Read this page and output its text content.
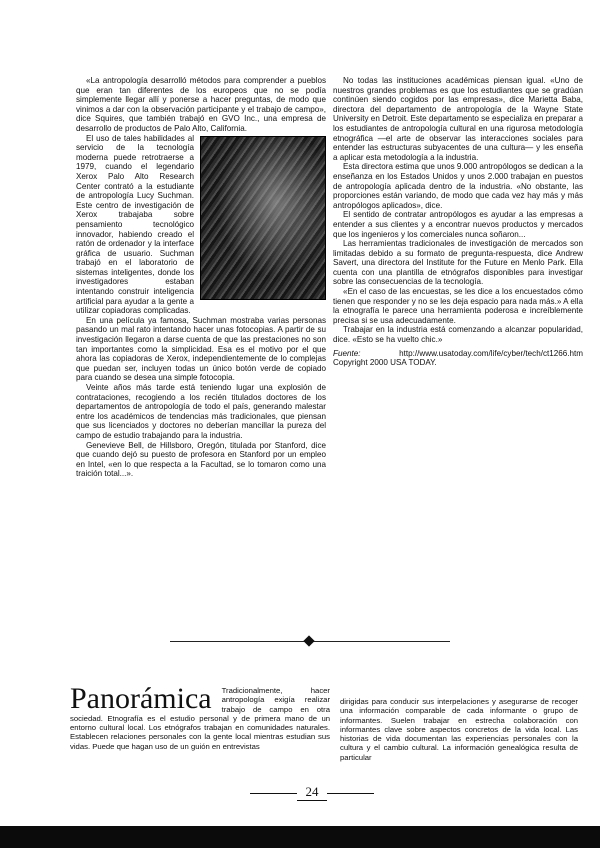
«La antropología desarrolló métodos para comprender a pueblos que eran tan diferentes de los europeos que no se podía simplemente llegar allí y ponerse a hacer preguntas, de modo que vinimos a dar con la observación participante y el trabajo de campo», dice Squires, que también trabajó en GVO Inc., una empresa de desarrollo de productos de Palo Alto, California.

El uso de tales habilidades al servicio de la tecnología moderna puede retrotraerse a 1979, cuando el legendario Xerox Palo Alto Research Center contrató a la estudiante de antropología Lucy Suchman. Este centro de investigación de Xerox trabajaba sobre pensamiento tecnológico innovador, habiendo creado el ratón de ordenador y la interface gráfica de usuario. Suchman trabajó en el laboratorio de sistemas inteligentes, donde los investigadores estaban intentando construir inteligencia artificial para ayudar a la gente a utilizar copiadoras complicadas.

En una película ya famosa, Suchman mostraba varias personas pasando un mal rato intentando hacer unas fotocopias. A partir de su investigación llegaron a darse cuenta de que las prestaciones no son tan importantes como la simplicidad. Esa es el motivo por el que ahora las copiadoras de Xerox, independientemente de lo complejas que puedan ser, incluyen todas un único botón verde de copiado para cuando se desea una simple fotocopia.

Veinte años más tarde está teniendo lugar una explosión de contrataciones, recogiendo a los recién titulados doctores de los departamentos de antropología de todo el país, generando malestar entre los académicos de tendencias más tradicionales, que piensan que sus licenciados y doctores no deberían mancillar la pureza del campo de estudio trabajando para la industria.

Genevieve Bell, de Hillsboro, Oregón, titulada por Stanford, dice que cuando dejó su puesto de profesora en Stanford por un empleo en Intel, «en lo que respecta a la Facultad, se lo tomaron como una traición total...».

No todas las instituciones académicas piensan igual. «Uno de nuestros grandes problemas es que los estudiantes que se gradúan continúen siendo cogidos por las empresas», dice Marietta Baba, directora del departamento de antropología de la Wayne State University en Detroit. Este departamento se especializa en preparar a los estudiantes de antropología cultural en una rigurosa metodología etnográfica —el arte de observar las interacciones sociales para entender las estructuras subyacentes de una cultura— y les enseña a aplicar esta metodología a la industria.

Esta directora estima que unos 9.000 antropólogos se dedican a la enseñanza en los Estados Unidos y unos 2.000 trabajan en puestos de antropología aplicada dentro de la industria. «No obstante, las proporciones están variando, de modo que cada vez hay más y más antropólogos aplicados», dice.

El sentido de contratar antropólogos es ayudar a las empresas a entender a sus clientes y a encontrar nuevos productos y mercados que los ingenieros y los comerciales nunca soñaron...

Las herramientas tradicionales de investigación de mercados son limitadas debido a su formato de pregunta-respuesta, dice Andrew Savert, una directora del Institute for the Future en Menlo Park. Ella cuenta con una plantilla de etnógrafos disponibles para investigar sobre las consecuencias de la tecnología.

«En el caso de las encuestas, se les dice a los encuestados cómo tienen que responder y no se les deja espacio para nada más.» A ella la etnografía le parece una herramienta poderosa e increíblemente precisa si se usa adecuadamente.

Trabajar en la industria está comenzando a alcanzar popularidad, dice. «Esto se ha vuelto chic.»

Fuente:	http://www.usatoday.com/life/cyber/tech/ct1266.htm Copyright 2000 USA TODAY.
Panorámica Tradicionalmente, hacer antropología exigía realizar trabajo de campo en otra sociedad. Etnografía es el estudio personal y de primera mano de un entorno cultural local. Los etnógrafos trabajan en comunidades naturales. Establecen relaciones personales con la gente local mientras estudian sus vidas. Puede que hagan uso de un guión en entrevistas
dirigidas para conducir sus interpelaciones y asegurarse de recoger una información comparable de cada informante o grupo de informantes. Suelen trabajar en estrecha colaboración con informantes clave sobre aspectos concretos de la vida local. Las historias de vida documentan las experiencias personales con la cultura y el cambio cultural. La información genealógica resulta de particular
24
